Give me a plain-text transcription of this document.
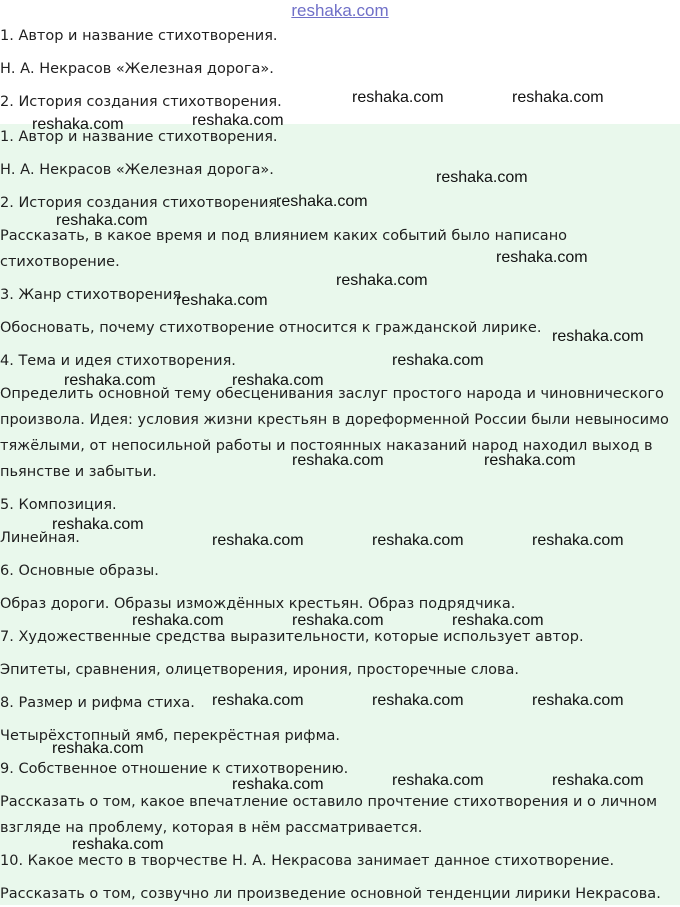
reshaka.com

1. Автор и название стихотворения.

Н. А. Некрасов «Железная дорога».

2. История создания стихотворения.

1. Автор и название стихотворения.

Н. А. Некрасов «Железная дорога».

2. История создания стихотворения.

Рассказать, в какое время и под влиянием каких событий было написано

стихотворение.

3. Жанр стихотворения.

Обосновать, почему стихотворение относится к гражданской лирике.

4. Тема и идея стихотворения.

Определить основной тему обесценивания заслуг простого народа и чиновнического

произвола. Идея: условия жизни крестьян в дореформенной России были невыносимо

тяжёлыми, от непосильной работы и постоянных наказаний народ находил выход в

пьянстве и забытьи.

5. Композиция.

Линейная.

6. Основные образы.

Образ дороги. Образы измождённых крестьян. Образ подрядчика.

7. Художественные средства выразительности, которые использует автор.

Эпитеты, сравнения, олицетворения, ирония, просторечные слова.

8. Размер и рифма стиха.

Четырёхстопный ямб, перекрёстная рифма.

9. Собственное отношение к стихотворению.

Рассказать о том, какое впечатление оставило прочтение стихотворения и о личном

взгляде на проблему, которая в нём рассматривается.

10. Какое место в творчестве Н. А. Некрасова занимает данное стихотворение.

Рассказать о том, созвучно ли произведение основной тенденции лирики Некрасова.

reshaka.com	reshaka.com
reshaka.com	reshaka.com
reshaka.com
reshaka.com
reshaka.com
reshaka.com
reshaka.com
reshaka.com
reshaka.com
reshaka.com
reshaka.com	reshaka.com
reshaka.com	reshaka.com
reshaka.com
reshaka.com	reshaka.com	reshaka.com
reshaka.com	reshaka.com	reshaka.com
reshaka.com	reshaka.com	reshaka.com
reshaka.com
reshaka.com	reshaka.com
reshaka.com
reshaka.com
